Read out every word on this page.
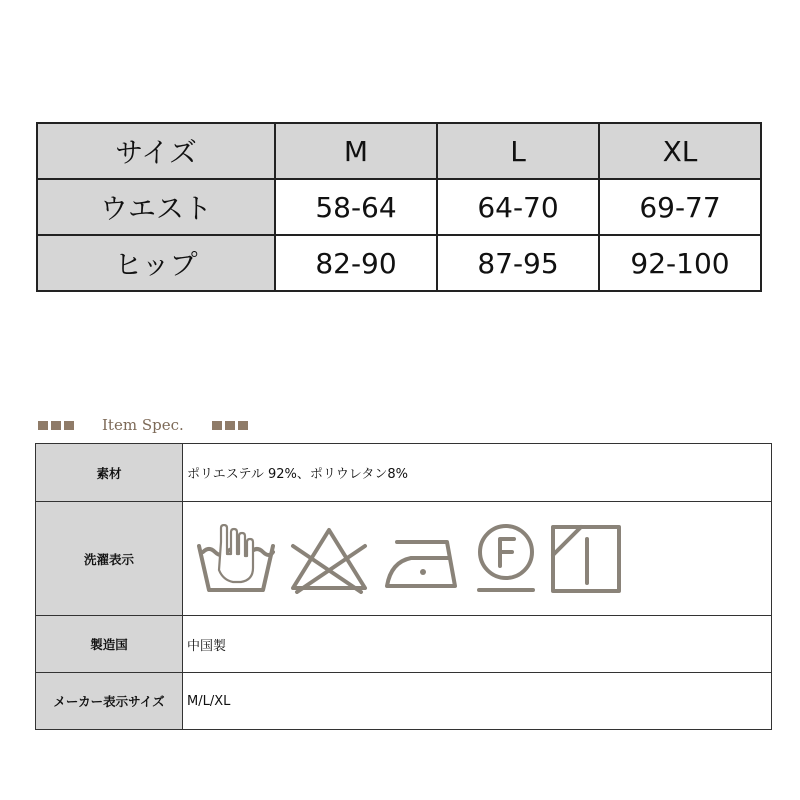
サイズ	M	L	XL
ウエスト	58-64	64-70	69-77
ヒップ	82-90	87-95	92-100
Item Spec.
素材	ポリエステル 92%、ポリウレタン8%
洗濯表示	

製造国	中国製
メーカー表示サイズ	M/L/XL
